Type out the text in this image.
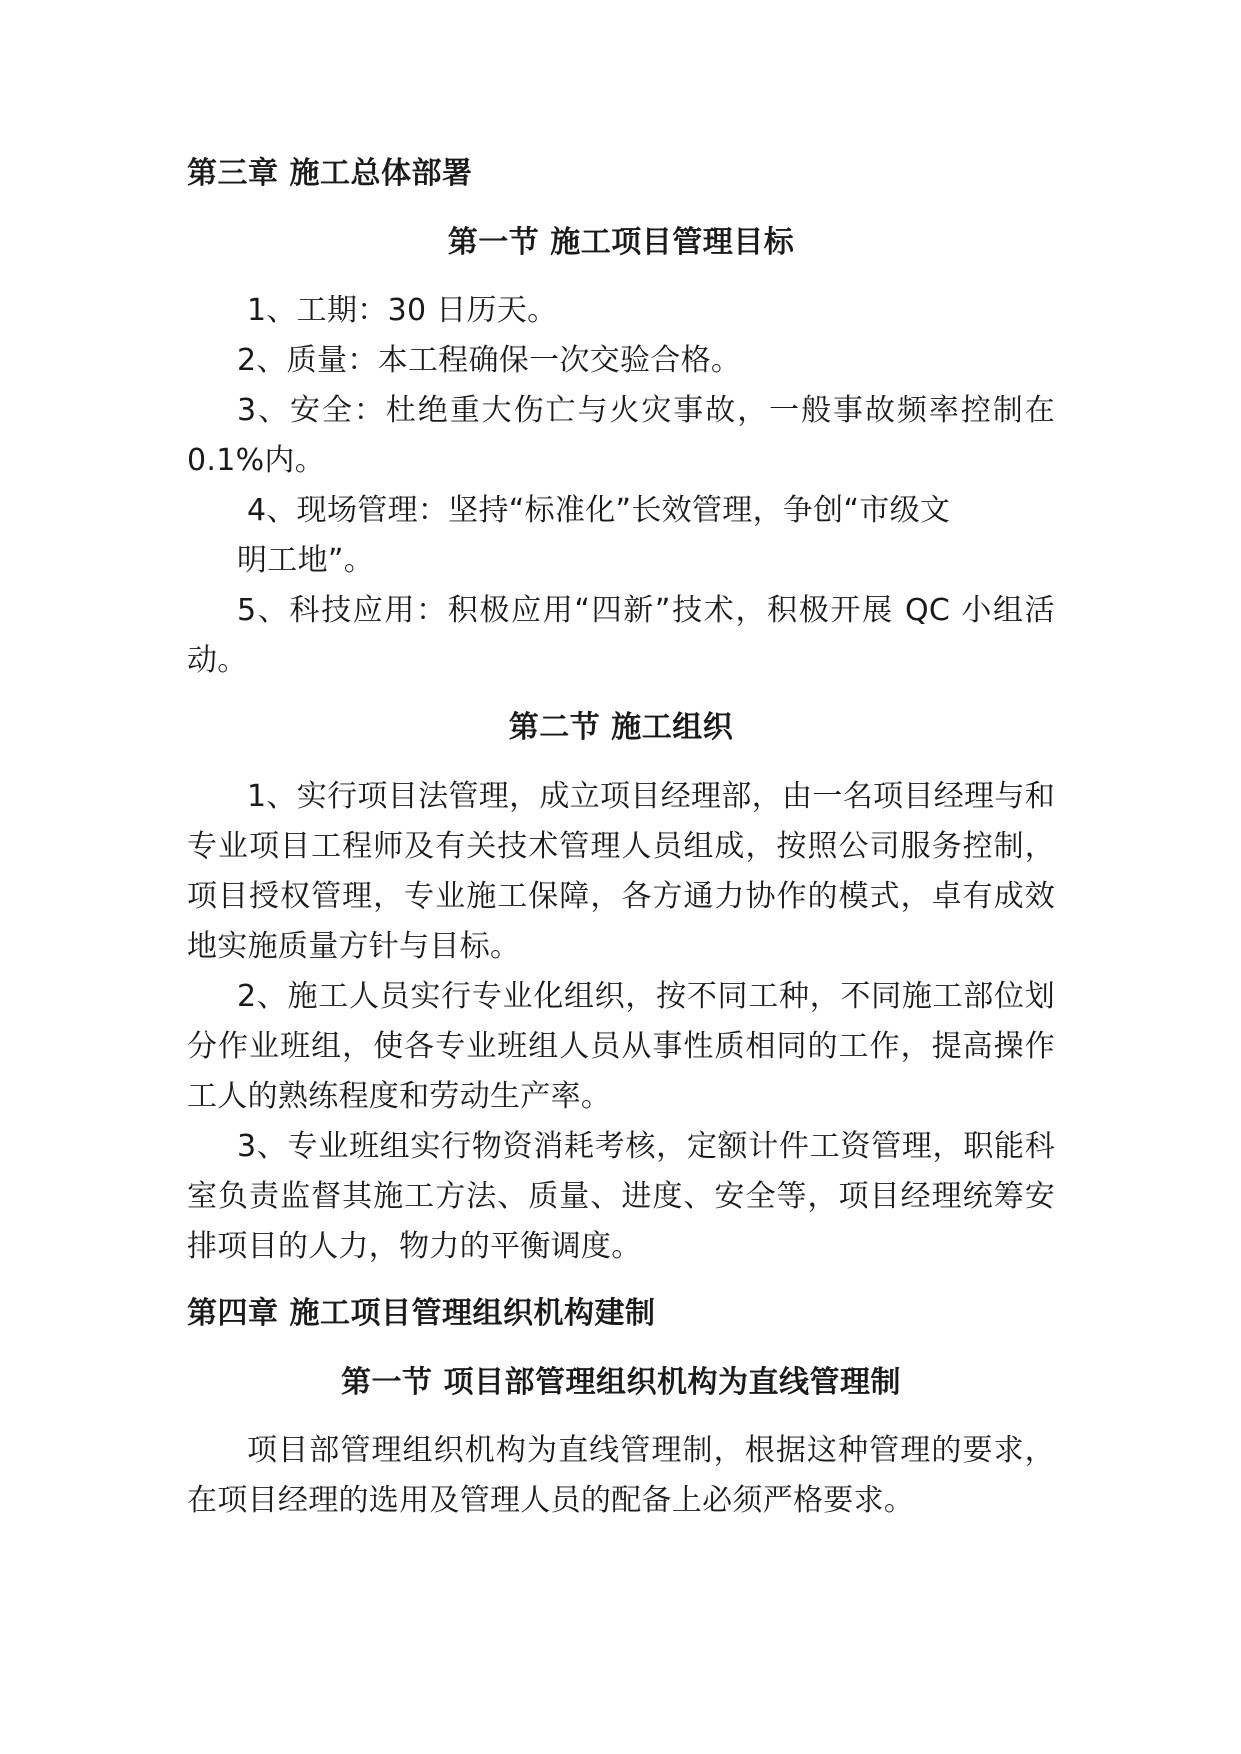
第三章 施工总体部署
第一节 施工项目管理目标

1、工期：30 日历天。

2、质量：本工程确保一次交验合格。

3、安全：杜绝重大伤亡与火灾事故，一般事故频率控制在 0.1%内。

4、现场管理：坚持“标准化”长效管理，争创“市级文

明工地”。

5、科技应用：积极应用“四新”技术，积极开展 QC 小组活动。

第二节 施工组织

1、实行项目法管理，成立项目经理部，由一名项目经理与和专业项目工程师及有关技术管理人员组成，按照公司服务控制，项目授权管理，专业施工保障，各方通力协作的模式，卓有成效地实施质量方针与目标。

2、施工人员实行专业化组织，按不同工种，不同施工部位划分作业班组，使各专业班组人员从事性质相同的工作，提高操作工人的熟练程度和劳动生产率。

3、专业班组实行物资消耗考核，定额计件工资管理，职能科室负责监督其施工方法、质量、进度、安全等，项目经理统筹安排项目的人力，物力的平衡调度。

第四章 施工项目管理组织机构建制
第一节 项目部管理组织机构为直线管理制

项目部管理组织机构为直线管理制，根据这种管理的要求，在项目经理的选用及管理人员的配备上必须严格要求。
